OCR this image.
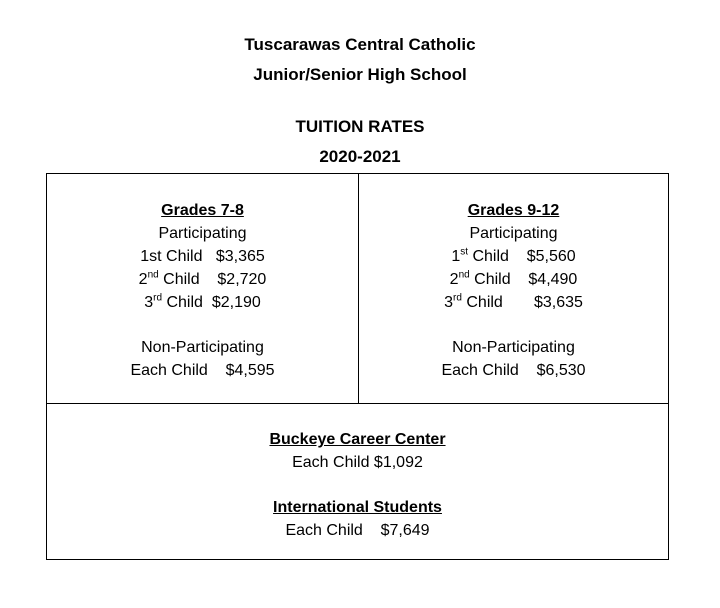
Tuscarawas Central Catholic
Junior/Senior High School
TUITION RATES
2020-2021
Grades 7-8
Participating
1st Child $3,365
2nd Child $2,720
3rd Child $2,190
Non-Participating
Each Child $4,595
Grades 9-12
Participating
1st Child $5,560
2nd Child $4,490
3rd Child $3,635
Non-Participating
Each Child $6,530
Buckeye Career Center
Each Child $1,092
International Students
Each Child $7,649
